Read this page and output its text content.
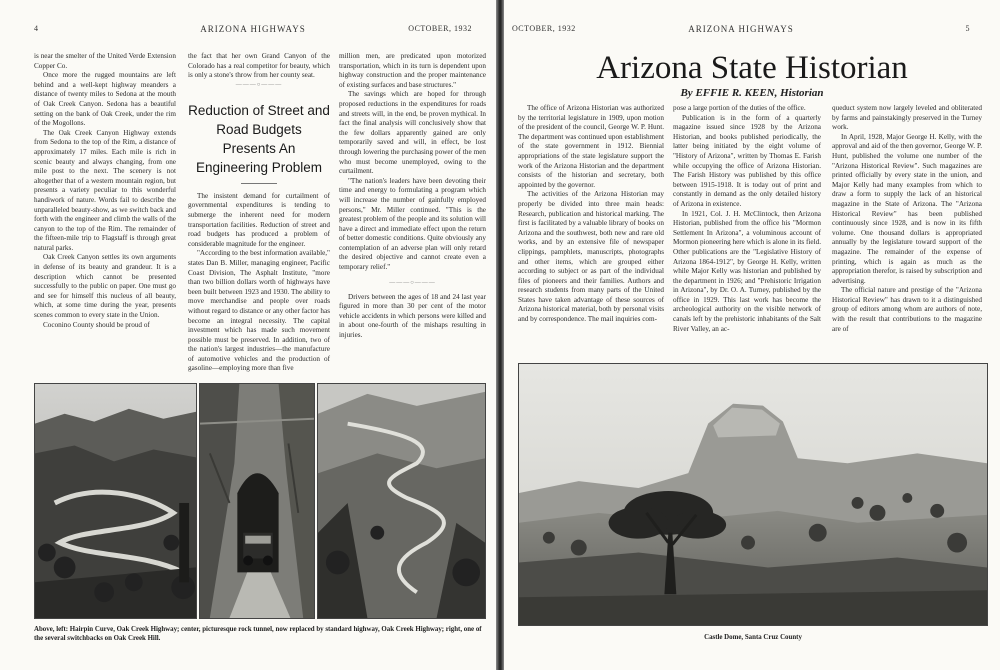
4	ARIZONA HIGHWAYS	OCTOBER, 1932

is near the smelter of the United Verde Extension Copper Co.

Once more the rugged mountains are left behind and a well-kept highway meanders a distance of twenty miles to Sedona at the mouth of Oak Creek Canyon. Sedona has a beautiful setting on the bank of Oak Creek, under the rim of the Mogollons.

The Oak Creek Canyon Highway extends from Sedona to the top of the Rim, a distance of approximately 17 miles. Each mile is rich in scenic beauty and always changing, from one mile post to the next. The scenery is not altogether that of a western mountain region, but presents a variety peculiar to this wonderful handiwork of nature. Words fail to describe the unparalleled beauty-show, as we switch back and forth with the engineer and climb the walls of the canyon to the top of the Rim. The remainder of the fifteen-mile trip to Flagstaff is through great natural parks.

Oak Creek Canyon settles its own arguments in defense of its beauty and grandeur. It is a description which cannot be presented successfully to the public on paper. One must go and see for himself this nucleus of all beauty, which, at some time during the year, presents scenes common to every state in the Union.

Coconino County should be proud of

the fact that her own Grand Canyon of the Colorado has a real competitor for beauty, which is only a stone's throw from her county seat.

———○———
Reduction of Street and Road Budgets Presents An Engineering Problem

The insistent demand for curtailment of governmental expenditures is tending to submerge the inherent need for modern transportation facilities. Reduction of street and road budgets has produced a problem of considerable magnitude for the engineer.

"According to the best information available," states Dan B. Miller, managing engineer, Pacific Coast Division, The Asphalt Institute, "more than two billion dollars worth of highways have been built between 1923 and 1930. The ability to move merchandise and people over roads without regard to distance or any other factor has become an integral necessity. The capital investment which has made such movement possible must be preserved. In addition, two of the nation's largest industries—the manufacture of automotive vehicles and the production of gasoline—employing more than five

million men, are predicated upon motorized transportation, which in its turn is dependent upon highway construction and the proper maintenance of existing surfaces and base structures."

The savings which are hoped for through proposed reductions in the expenditures for roads and streets will, in the end, be proven mythical. In fact the final analysis will conclusively show that the few dollars apparently gained are only temporarily saved and will, in effect, be lost through lowering the purchasing power of the men who must become unemployed, owing to the curtailment.

"The nation's leaders have been devoting their time and energy to formulating a program which will increase the number of gainfully employed persons," Mr. Miller continued. "This is the greatest problem of the people and its solution will have a direct and immediate effect upon the return of better domestic conditions. Quite obviously any contemplation of an adverse plan will only retard the desired objective and cannot create even a temporary relief."

———○———

Drivers between the ages of 18 and 24 last year figured in more than 30 per cent of the motor vehicle accidents in which persons were killed and in about one-fourth of the mishaps resulting in injuries.

Above, left: Hairpin Curve, Oak Creek Highway; center, picturesque rock tunnel, now replaced by standard highway, Oak Creek Highway; right, one of the several switchbacks on Oak Creek Hill.
OCTOBER, 1932	ARIZONA HIGHWAYS	5
Arizona State Historian
By EFFIE R. KEEN, Historian

The office of Arizona Historian was authorized by the territorial legislature in 1909, upon motion of the president of the council, George W. P. Hunt. The department was continued upon establishment of the state government in 1912. Biennial appropriations of the state legislature support the work of the Arizona Historian and the department consists of the historian and secretary, both appointed by the governor.

The activities of the Arizona Historian may properly be divided into three main heads: Research, publication and historical marking. The first is facilitated by a valuable library of books on Arizona and the southwest, both new and rare old works, and by an extensive file of newspaper clippings, pamphlets, manuscripts, photographs and other items, which are grouped either according to subject or as part of the individual files of pioneers and their families. Authors and research students from many parts of the United States have taken advantage of these sources of Arizona historical material, both by personal visits and by correspondence. The mail inquiries com-

pose a large portion of the duties of the office.

Publication is in the form of a quarterly magazine issued since 1928 by the Arizona Historian, and books published periodically, the latter being initiated by the eight volume of "History of Arizona", written by Thomas E. Farish while occupying the office of Arizona Historian. The Farish History was published by this office between 1915-1918. It is today out of print and constantly in demand as the only detailed history of Arizona in existence.

In 1921, Col. J. H. McClintock, then Arizona Historian, published from the office his "Mormon Settlement In Arizona", a voluminous account of Mormon pioneering here which is alone in its field. Other publications are the "Legislative History of Arizona 1864-1912", by George H. Kelly, written while Major Kelly was historian and published by the department in 1926; and "Prehistoric Irrigation in Arizona", by Dr. O. A. Turney, published by the office in 1929. This last work has become the archeological authority on the visible network of canals left by the prehistoric inhabitants of the Salt River Valley, an ac-

queduct system now largely leveled and obliterated by farms and painstakingly preserved in the Turney work.

In April, 1928, Major George H. Kelly, with the approval and aid of the then governor, George W. P. Hunt, published the volume one number of the "Arizona Historical Review". Such magazines are printed officially by every state in the union, and Major Kelly had many examples from which to draw a form to supply the lack of an historical magazine in the State of Arizona. The "Arizona Historical Review" has been published continuously since 1928, and is now in its fifth volume. One thousand dollars is appropriated annually by the legislature toward support of the magazine. The remainder of the expense of printing, which is again as much as the appropriation therefor, is raised by subscription and advertising.

The official nature and prestige of the "Arizona Historical Review" has drawn to it a distinguished group of editors among whom are authors of note, with the result that contributions to the magazine are of

Castle Dome, Santa Cruz County
